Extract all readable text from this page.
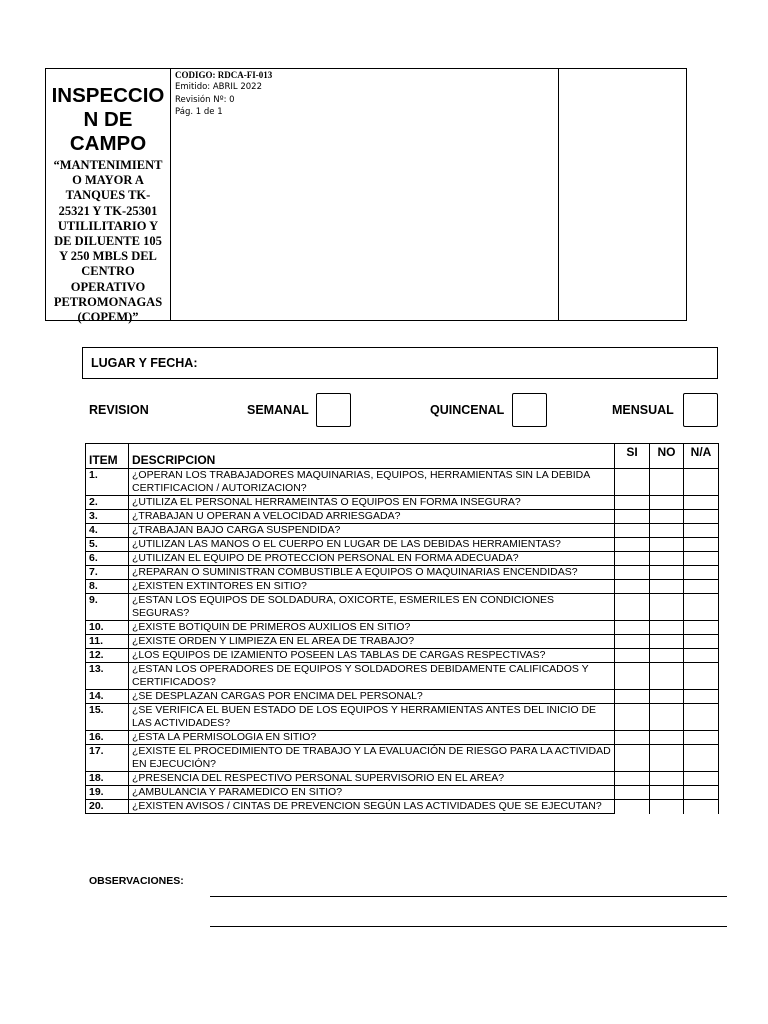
INSPECCIO
N DE
CAMPO
“MANTENIMIENT
O MAYOR A
TANQUES TK-
25321 Y TK-25301
UTILILITARIO Y
DE DILUENTE 105
Y 250 MBLS DEL
CENTRO
OPERATIVO
PETROMONAGAS
(COPEM)”
CODIGO: RDCA-FI-013
Emitido: ABRIL 2022
Revisión Nº: 0
Pág. 1 de 1
LUGAR Y FECHA:
REVISION	SEMANAL	QUINCENAL	MENSUAL
ITEM	DESCRIPCION	SI	NO	N/A
1.	¿OPERAN LOS TRABAJADORES MAQUINARIAS, EQUIPOS, HERRAMIENTAS SIN LA DEBIDA CERTIFICACION / AUTORIZACION?			
2.	¿UTILIZA EL PERSONAL HERRAMEINTAS O EQUIPOS EN FORMA INSEGURA?			
3.	¿TRABAJAN U OPERAN A VELOCIDAD ARRIESGADA?			
4.	¿TRABAJAN BAJO CARGA SUSPENDIDA?			
5.	¿UTILIZAN LAS MANOS O EL CUERPO EN LUGAR DE LAS DEBIDAS HERRAMIENTAS?			
6.	¿UTILIZAN EL EQUIPO DE PROTECCION PERSONAL EN FORMA ADECUADA?			
7.	¿REPARAN O SUMINISTRAN COMBUSTIBLE A EQUIPOS O MAQUINARIAS ENCENDIDAS?			
8.	¿EXISTEN EXTINTORES EN SITIO?			
9.	¿ESTAN LOS EQUIPOS DE SOLDADURA, OXICORTE, ESMERILES EN CONDICIONES SEGURAS?			
10.	¿EXISTE BOTIQUIN DE PRIMEROS AUXILIOS EN SITIO?			
11.	¿EXISTE ORDEN Y LIMPIEZA EN EL AREA DE TRABAJO?			
12.	¿LOS EQUIPOS DE IZAMIENTO POSEEN LAS TABLAS DE CARGAS RESPECTIVAS?			
13.	¿ESTAN LOS OPERADORES DE EQUIPOS Y SOLDADORES DEBIDAMENTE CALIFICADOS Y CERTIFICADOS?			
14.	¿SE DESPLAZAN CARGAS POR ENCIMA DEL PERSONAL?			
15.	¿SE VERIFICA EL BUEN ESTADO DE LOS EQUIPOS Y HERRAMIENTAS ANTES DEL INICIO DE LAS ACTIVIDADES?			
16.	¿ESTA LA PERMISOLOGIA EN SITIO?			
17.	¿EXISTE EL PROCEDIMIENTO DE TRABAJO Y LA EVALUACIÓN DE RIESGO PARA LA ACTIVIDAD EN EJECUCIÓN?			
18.	¿PRESENCIA DEL RESPECTIVO PERSONAL SUPERVISORIO EN EL AREA?			
19.	¿AMBULANCIA Y PARAMEDICO EN SITIO?			
20.	¿EXISTEN AVISOS / CINTAS DE PREVENCION SEGÚN LAS ACTIVIDADES QUE SE EJECUTAN?			
OBSERVACIONES:
